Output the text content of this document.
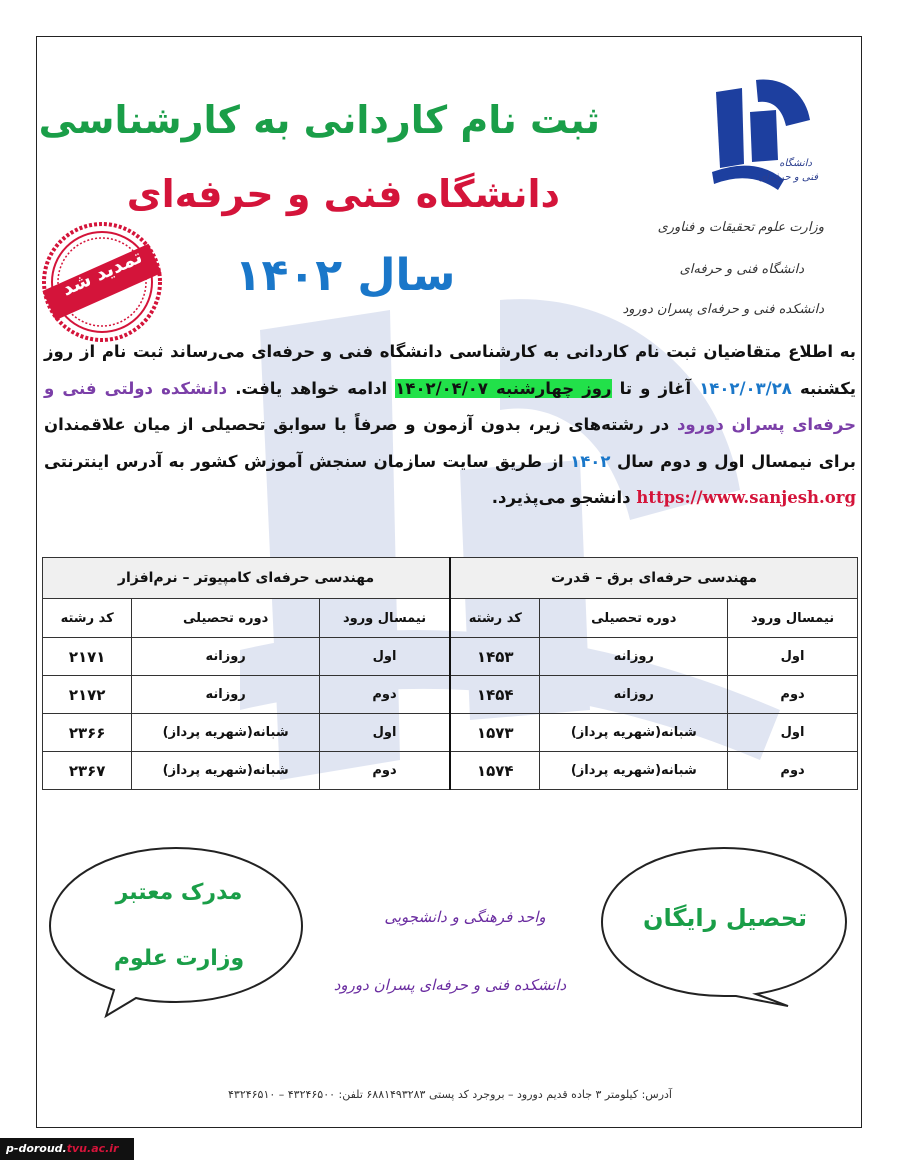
ثبت نام کاردانی به کارشناسی
دانشگاه فنی و حرفه‌ای
سال ۱۴۰۲
تمدید شد
دانشگاه
فنی و حرفه‌ای
وزارت علوم تحقیقات و فناوری
دانشگاه فنی و حرفه‌ای
دانشکده فنی و حرفه‌ای پسران دورود
به اطلاع متقاضیان ثبت نام کاردانی به کارشناسی دانشگاه فنی و حرفه‌ای می‌رساند ثبت نام از روز یکشنبه ۱۴۰۲/۰۳/۲۸ آغاز و تا روز چهارشنبه ۱۴۰۲/۰۴/۰۷ ادامه خواهد یافت. دانشکده دولتی فنی و حرفه‌ای پسران دورود در رشته‌های زیر، بدون آزمون و صرفاً با سوابق تحصیلی از میان علاقمندان برای نیمسال اول و دوم سال ۱۴۰۲ از طریق سایت سازمان سنجش آموزش کشور به آدرس اینترنتی https://www.sanjesh.org دانشجو می‌پذیرد.
مهندسی حرفه‌ای برق – قدرت			مهندسی حرفه‌ای کامپیوتر – نرم‌افزار		
نیمسال ورود	دوره تحصیلی	کد رشته	نیمسال ورود	دوره تحصیلی	کد رشته
اول	روزانه	۱۴۵۳	اول	روزانه	۲۱۷۱
دوم	روزانه	۱۴۵۴	دوم	روزانه	۲۱۷۲
اول	شبانه(شهریه پرداز)	۱۵۷۳	اول	شبانه(شهریه پرداز)	۲۳۶۶
دوم	شبانه(شهریه پرداز)	۱۵۷۴	دوم	شبانه(شهریه پرداز)	۲۳۶۷
مدرک معتبر
وزارت علوم
تحصیل رایگان
واحد فرهنگی و دانشجویی
دانشکده فنی و حرفه‌ای پسران دورود
آدرس: کیلومتر ۳ جاده قدیم دورود – بروجرد کد پستی ۶۸۸۱۴۹۳۲۸۳ تلفن: ۴۳۲۴۶۵۰۰ – ۴۳۲۴۶۵۱۰
p-doroud.tvu.ac.ir
